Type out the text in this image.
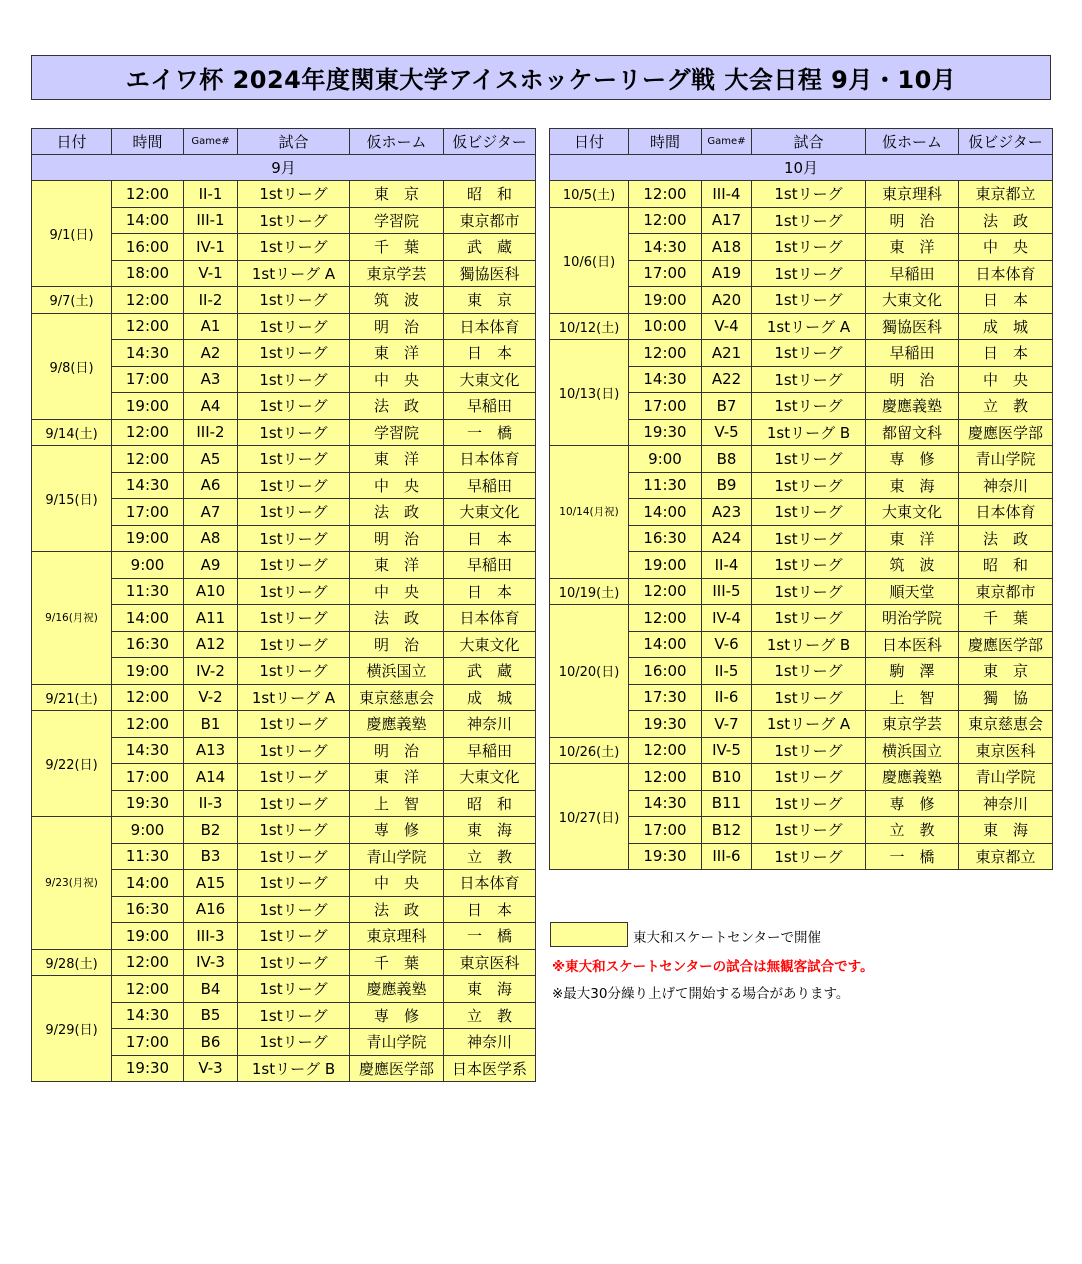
エイワ杯 2024年度関東大学アイスホッケーリーグ戦 大会日程 9月・10月
日付	時間	Game#	試合	仮ホーム	仮ビジター
9月					
9/1(日)	12:00	II-1	1stリーグ	東　京	昭　和
	14:00	III-1	1stリーグ	学習院	東京都市
	16:00	IV-1	1stリーグ	千　葉	武　蔵
	18:00	V-1	1stリーグ A	東京学芸	獨協医科
9/7(土)	12:00	II-2	1stリーグ	筑　波	東　京
9/8(日)	12:00	A1	1stリーグ	明　治	日本体育
	14:30	A2	1stリーグ	東　洋	日　本
	17:00	A3	1stリーグ	中　央	大東文化
	19:00	A4	1stリーグ	法　政	早稲田
9/14(土)	12:00	III-2	1stリーグ	学習院	一　橋
9/15(日)	12:00	A5	1stリーグ	東　洋	日本体育
	14:30	A6	1stリーグ	中　央	早稲田
	17:00	A7	1stリーグ	法　政	大東文化
	19:00	A8	1stリーグ	明　治	日　本
9/16(月祝)	9:00	A9	1stリーグ	東　洋	早稲田
	11:30	A10	1stリーグ	中　央	日　本
	14:00	A11	1stリーグ	法　政	日本体育
	16:30	A12	1stリーグ	明　治	大東文化
	19:00	IV-2	1stリーグ	横浜国立	武　蔵
9/21(土)	12:00	V-2	1stリーグ A	東京慈恵会	成　城
9/22(日)	12:00	B1	1stリーグ	慶應義塾	神奈川
	14:30	A13	1stリーグ	明　治	早稲田
	17:00	A14	1stリーグ	東　洋	大東文化
	19:30	II-3	1stリーグ	上　智	昭　和
9/23(月祝)	9:00	B2	1stリーグ	専　修	東　海
	11:30	B3	1stリーグ	青山学院	立　教
	14:00	A15	1stリーグ	中　央	日本体育
	16:30	A16	1stリーグ	法　政	日　本
	19:00	III-3	1stリーグ	東京理科	一　橋
9/28(土)	12:00	IV-3	1stリーグ	千　葉	東京医科
9/29(日)	12:00	B4	1stリーグ	慶應義塾	東　海
	14:30	B5	1stリーグ	専　修	立　教
	17:00	B6	1stリーグ	青山学院	神奈川
	19:30	V-3	1stリーグ B	慶應医学部	日本医学系
日付	時間	Game#	試合	仮ホーム	仮ビジター
10月					
10/5(土)	12:00	III-4	1stリーグ	東京理科	東京都立
10/6(日)	12:00	A17	1stリーグ	明　治	法　政
	14:30	A18	1stリーグ	東　洋	中　央
	17:00	A19	1stリーグ	早稲田	日本体育
	19:00	A20	1stリーグ	大東文化	日　本
10/12(土)	10:00	V-4	1stリーグ A	獨協医科	成　城
10/13(日)	12:00	A21	1stリーグ	早稲田	日　本
	14:30	A22	1stリーグ	明　治	中　央
	17:00	B7	1stリーグ	慶應義塾	立　教
	19:30	V-5	1stリーグ B	都留文科	慶應医学部
10/14(月祝)	9:00	B8	1stリーグ	専　修	青山学院
	11:30	B9	1stリーグ	東　海	神奈川
	14:00	A23	1stリーグ	大東文化	日本体育
	16:30	A24	1stリーグ	東　洋	法　政
	19:00	II-4	1stリーグ	筑　波	昭　和
10/19(土)	12:00	III-5	1stリーグ	順天堂	東京都市
10/20(日)	12:00	IV-4	1stリーグ	明治学院	千　葉
	14:00	V-6	1stリーグ B	日本医科	慶應医学部
	16:00	II-5	1stリーグ	駒　澤	東　京
	17:30	II-6	1stリーグ	上　智	獨　協
	19:30	V-7	1stリーグ A	東京学芸	東京慈恵会
10/26(土)	12:00	IV-5	1stリーグ	横浜国立	東京医科
10/27(日)	12:00	B10	1stリーグ	慶應義塾	青山学院
	14:30	B11	1stリーグ	専　修	神奈川
	17:00	B12	1stリーグ	立　教	東　海
	19:30	III-6	1stリーグ	一　橋	東京都立
東大和スケートセンターで開催
※東大和スケートセンターの試合は無観客試合です。
※最大30分繰り上げて開始する場合があります。
